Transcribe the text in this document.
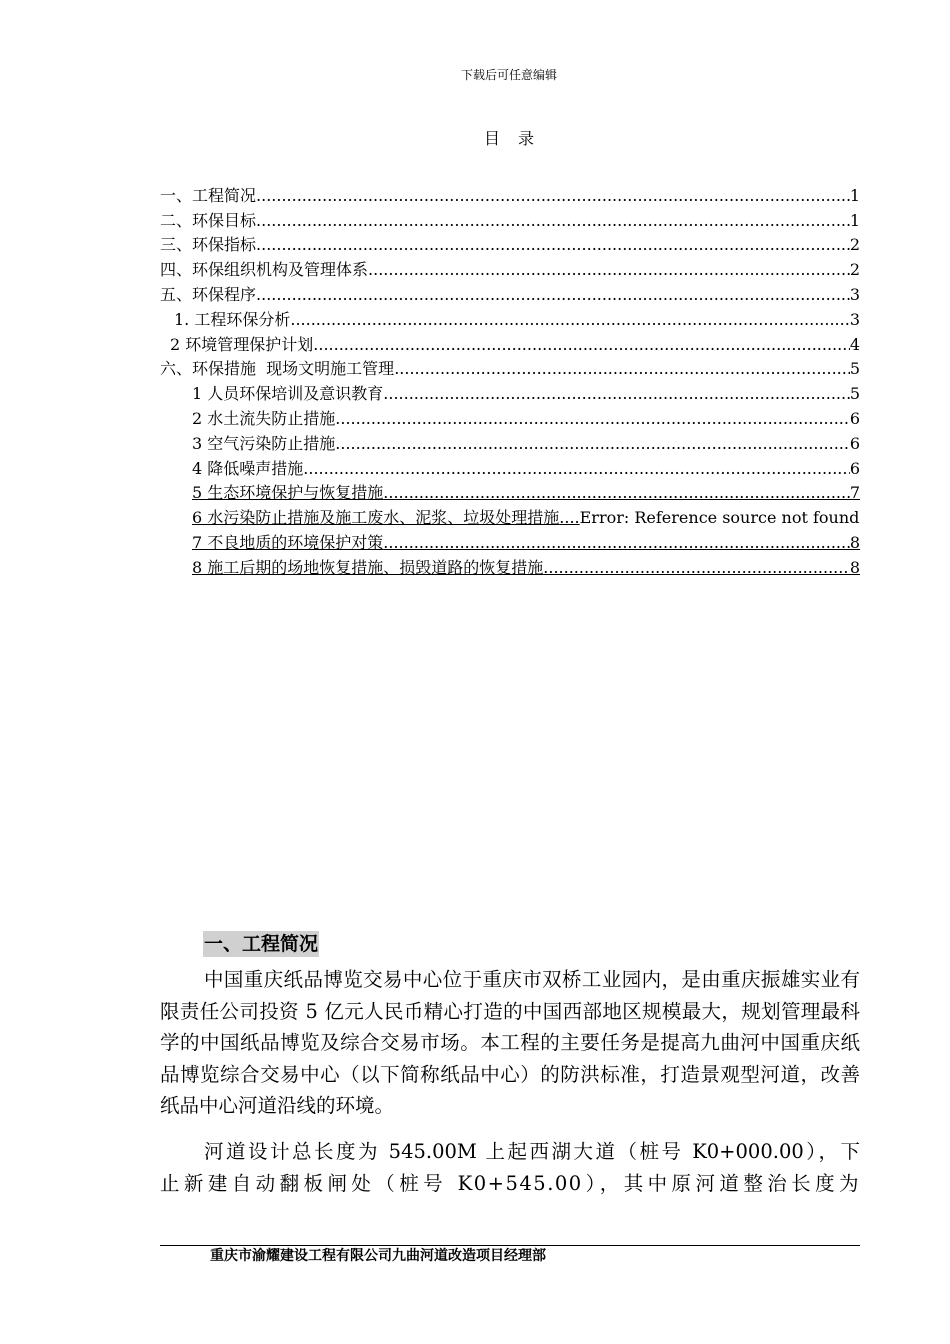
下载后可任意编辑
目 录
一、工程简况 .....	1
二、环保目标 .....	1
三、环保指标 .....	2
四、环保组织机构及管理体系 .....	2
五、环保程序 .....	3
1. 工程环保分析 .....	3
2 环境管理保护计划 .....	4
六、环保措施  现场文明施工管理 .....	5
1 人员环保培训及意识教育 .....	5
2 水土流失防止措施 .....	6
3 空气污染防止措施 .....	6
4 降低噪声措施 .....	6
5 生态环境保护与恢复措施 .....	7
6 水污染防止措施及施工废水、泥浆、垃圾处理措施....Error: Reference source not found
7 不良地质的环境保护对策 .....	8
8 施工后期的场地恢复措施、损毁道路的恢复措施 .....	8
一、工程简况

中国重庆纸品博览交易中心位于重庆市双桥工业园内，是由重庆振雄实业有限责任公司投资 5 亿元人民币精心打造的中国西部地区规模最大，规划管理最科学的中国纸品博览及综合交易市场。本工程的主要任务是提高九曲河中国重庆纸品博览综合交易中心（以下简称纸品中心）的防洪标准，打造景观型河道，改善纸品中心河道沿线的环境。

河道设计总长度为 545.00M 上起西湖大道（桩号 K0+000.00），下
止新建自动翻板闸处（桩号 K0+545.00），其中原河道整治长度为

重庆市渝耀建设工程有限公司九曲河道改造项目经理部
